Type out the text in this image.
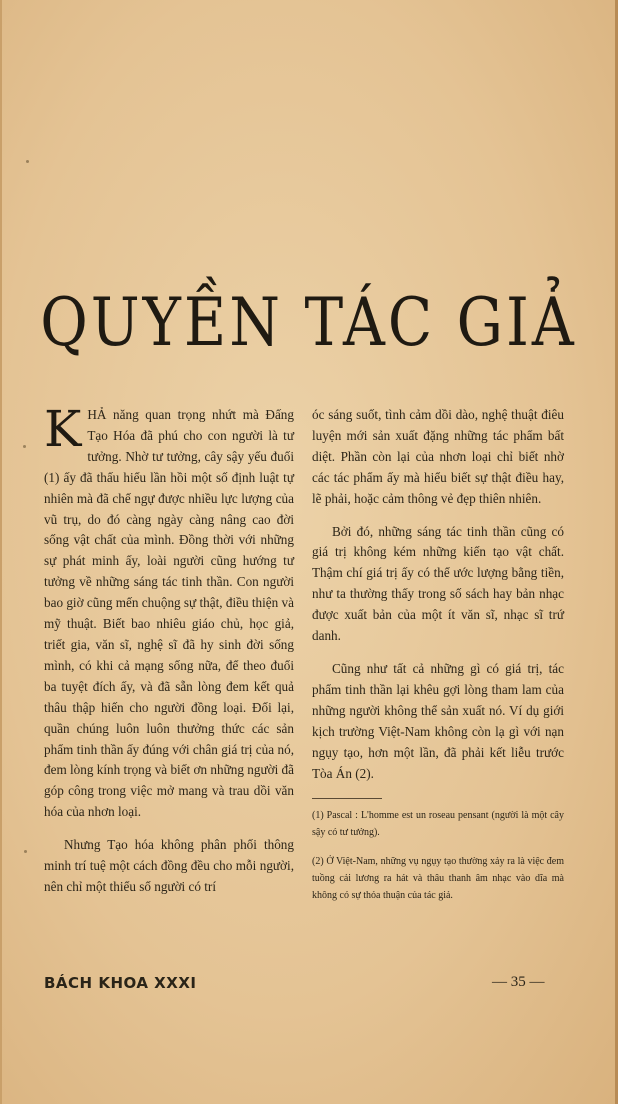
QUYỀN TÁC GIẢ

KHẢ năng quan trọng nhứt mà Đấng Tạo Hóa đã phú cho con người là tư tưởng. Nhờ tư tưởng, cây sậy yếu đuối (1) ấy đã thấu hiểu lần hồi một số định luật tự nhiên mà đã chế ngự được nhiều lực lượng của vũ trụ, do đó càng ngày càng nâng cao đời sống vật chất của mình. Đồng thời với những sự phát minh ấy, loài người cũng hướng tư tưởng về những sáng tác tinh thần. Con người bao giờ cũng mến chuộng sự thật, điều thiện và mỹ thuật. Biết bao nhiêu giáo chủ, học giả, triết gia, văn sĩ, nghệ sĩ đã hy sinh đời sống mình, có khi cả mạng sống nữa, để theo đuổi ba tuyệt đích ấy, và đã sẵn lòng đem kết quả thâu thập hiến cho người đồng loại. Đối lại, quần chúng luôn luôn thưởng thức các sản phẩm tinh thần ấy đúng với chân giá trị của nó, đem lòng kính trọng và biết ơn những người đã góp công trong việc mở mang và trau dồi văn hóa của nhơn loại.

Nhưng Tạo hóa không phân phối thông minh trí tuệ một cách đồng đều cho mỗi người, nên chỉ một thiểu số người có trí

óc sáng suốt, tình cảm dồi dào, nghệ thuật điêu luyện mới sản xuất đặng những tác phẩm bất diệt. Phần còn lại của nhơn loại chỉ biết nhờ các tác phẩm ấy mà hiểu biết sự thật điều hay, lẽ phải, hoặc cảm thông vẻ đẹp thiên nhiên.

Bởi đó, những sáng tác tinh thần cũng có giá trị không kém những kiến tạo vật chất. Thậm chí giá trị ấy có thể ước lượng bằng tiền, như ta thường thấy trong số sách hay bản nhạc được xuất bản của một ít văn sĩ, nhạc sĩ trứ danh.

Cũng như tất cả những gì có giá trị, tác phẩm tinh thần lại khêu gợi lòng tham lam của những người không thể sản xuất nó. Ví dụ giới kịch trường Việt-Nam không còn lạ gì với nạn ngụy tạo, hơn một lần, đã phải kết liễu trước Tòa Án (2).

(1) Pascal : L'homme est un roseau pensant (người là một cây sậy có tư tưởng).

(2) Ở Việt-Nam, những vụ ngụy tạo thường xảy ra là việc đem tuồng cải lương ra hát và thâu thanh âm nhạc vào dĩa mà không có sự thỏa thuận của tác giả.

BÁCH KHOA XXXI	— 35 —
